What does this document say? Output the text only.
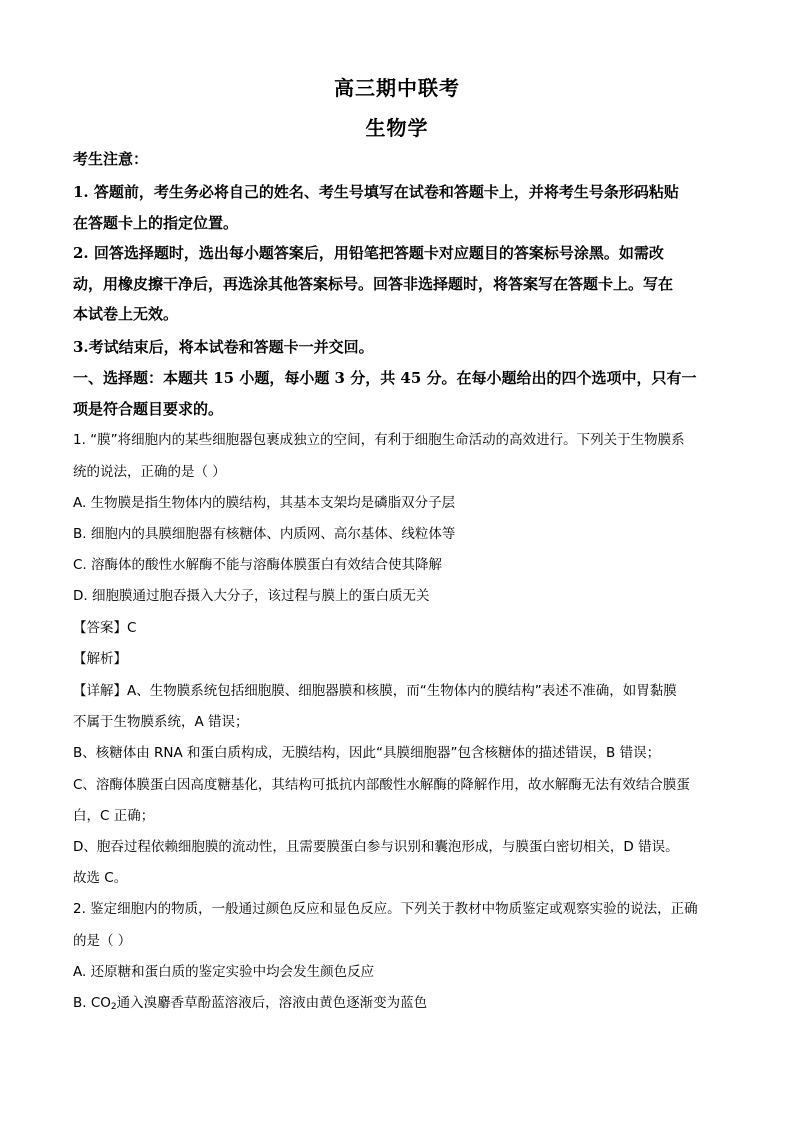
高三期中联考
生物学
考生注意：
1. 答题前，考生务必将自己的姓名、考生号填写在试卷和答题卡上，并将考生号条形码粘贴
在答题卡上的指定位置。
2. 回答选择题时，选出每小题答案后，用铅笔把答题卡对应题目的答案标号涂黑。如需改
动，用橡皮擦干净后，再选涂其他答案标号。回答非选择题时，将答案写在答题卡上。写在
本试卷上无效。
3.考试结束后，将本试卷和答题卡一并交回。
一、选择题：本题共 15 小题，每小题 3 分，共 45 分。在每小题给出的四个选项中，只有一
项是符合题目要求的。
1. “膜”将细胞内的某些细胞器包裹成独立的空间，有利于细胞生命活动的高效进行。下列关于生物膜系
统的说法，正确的是（ ）
A. 生物膜是指生物体内的膜结构，其基本支架均是磷脂双分子层
B. 细胞内的具膜细胞器有核糖体、内质网、高尔基体、线粒体等
C. 溶酶体的酸性水解酶不能与溶酶体膜蛋白有效结合使其降解
D. 细胞膜通过胞吞摄入大分子，该过程与膜上的蛋白质无关
【答案】C
【解析】
【详解】A、生物膜系统包括细胞膜、细胞器膜和核膜，而“生物体内的膜结构”表述不准确，如胃黏膜
不属于生物膜系统，A 错误；
B、核糖体由 RNA 和蛋白质构成，无膜结构，因此“具膜细胞器”包含核糖体的描述错误，B 错误；
C、溶酶体膜蛋白因高度糖基化，其结构可抵抗内部酸性水解酶的降解作用，故水解酶无法有效结合膜蛋
白，C 正确；
D、胞吞过程依赖细胞膜的流动性，且需要膜蛋白参与识别和囊泡形成，与膜蛋白密切相关，D 错误。
故选 C。
2. 鉴定细胞内的物质，一般通过颜色反应和显色反应。下列关于教材中物质鉴定或观察实验的说法，正确
的是（ ）
A. 还原糖和蛋白质的鉴定实验中均会发生颜色反应
B. $CO_2$通入溴麝香草酚蓝溶液后，溶液由黄色逐渐变为蓝色
